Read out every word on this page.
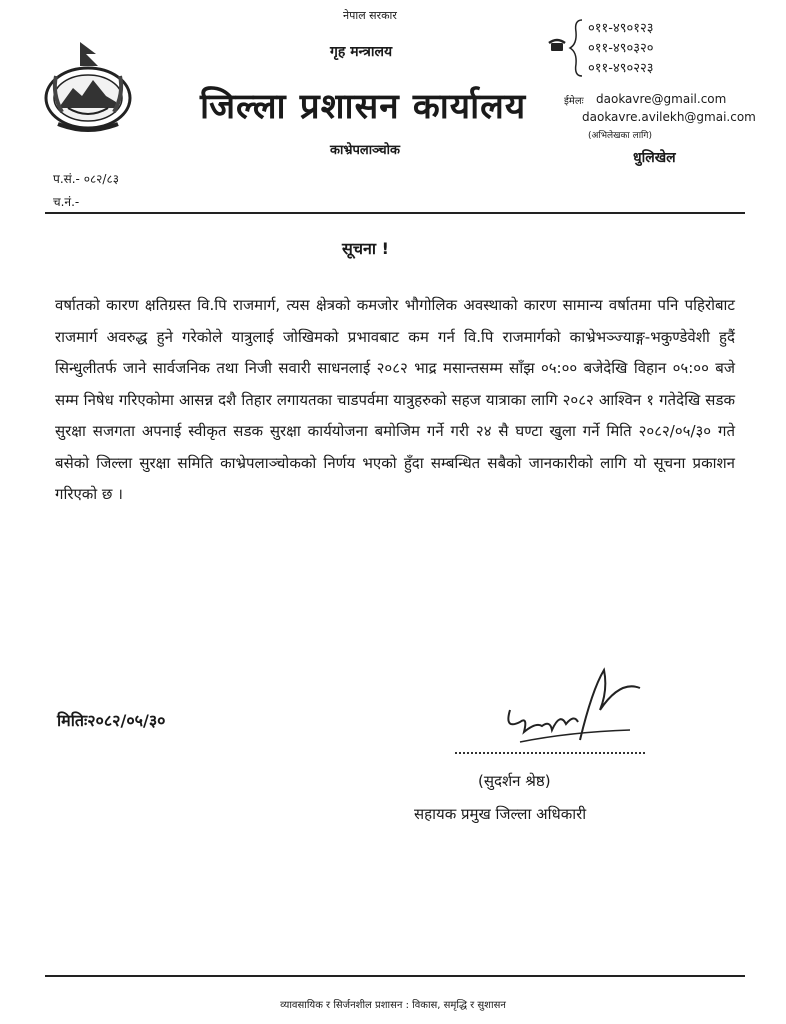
नेपाल सरकार
गृह मन्त्रालय
जिल्ला प्रशासन कार्यालय
काभ्रेपलाञ्चोक
०११-४९०१२३
०११-४९०३२०
०११-४९०२२३
ईमेलः daokavre@gmail.com
daokavre.avilekh@gmai.com
(अभिलेखका लागि)
धुलिखेल
प.सं.- ०८२/८३
च.नं.-
सूचना !
वर्षातको कारण क्षतिग्रस्त वि.पि राजमार्ग, त्यस क्षेत्रको कमजोर भौगोलिक अवस्थाको कारण सामान्य वर्षातमा पनि पहिरोबाट राजमार्ग अवरुद्ध हुने गरेकोले यात्रुलाई जोखिमको प्रभावबाट कम गर्न वि.पि राजमार्गको काभ्रेभञ्ज्याङ्ग-भकुण्डेवेशी हुदैं सिन्धुलीतर्फ जाने सार्वजनिक तथा निजी सवारी साधनलाई २०८२ भाद्र मसान्तसम्म साँझ ०५:०० बजेदेखि विहान ०५:०० बजे सम्म निषेध गरिएकोमा आसन्न दशै तिहार लगायतका चाडपर्वमा यात्रुहरुको सहज यात्राका लागि २०८२ आश्विन १ गतेदेखि सडक सुरक्षा सजगता अपनाई स्वीकृत सडक सुरक्षा कार्ययोजना बमोजिम गर्ने गरी २४ सै घण्टा खुला गर्ने मिति २०८२/०५/३० गते बसेको जिल्ला सुरक्षा समिति काभ्रेपलाञ्चोकको निर्णय भएको हुँदा सम्बन्धित सबैको जानकारीको लागि यो सूचना प्रकाशन गरिएको छ ।
मितिः२०८२/०५/३०
(सुदर्शन श्रेष्ठ)
सहायक प्रमुख जिल्ला अधिकारी
व्यावसायिक र सिर्जनशील प्रशासन : विकास, समृद्धि र सुशासन
